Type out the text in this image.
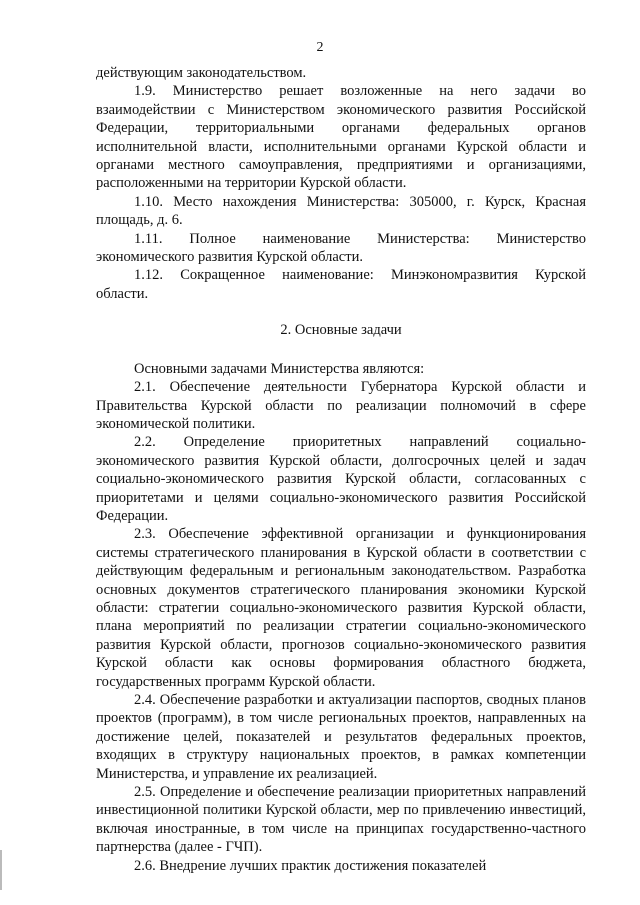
2

действующим законодательством.

1.9. Министерство решает возложенные на него задачи во взаимодействии с Министерством экономического развития Российской Федерации, территориальными органами федеральных органов исполнительной власти, исполнительными органами Курской области и органами местного самоуправления, предприятиями и организациями, расположенными на территории Курской области.

1.10. Место нахождения Министерства: 305000, г. Курск, Красная площадь, д. 6.

1.11. Полное наименование Министерства: Министерство экономического развития Курской области.

1.12. Сокращенное наименование: Минэкономразвития Курской области.

2. Основные задачи

Основными задачами Министерства являются:

2.1. Обеспечение деятельности Губернатора Курской области и Правительства Курской области по реализации полномочий в сфере экономической политики.

2.2. Определение приоритетных направлений социально-экономического развития Курской области, долгосрочных целей и задач социально-экономического развития Курской области, согласованных с приоритетами и целями социально-экономического развития Российской Федерации.

2.3. Обеспечение эффективной организации и функционирования системы стратегического планирования в Курской области в соответствии с действующим федеральным и региональным законодательством. Разработка основных документов стратегического планирования экономики Курской области: стратегии социально-экономического развития Курской области, плана мероприятий по реализации стратегии социально-экономического развития Курской области, прогнозов социально-экономического развития Курской области как основы формирования областного бюджета, государственных программ Курской области.

2.4. Обеспечение разработки и актуализации паспортов, сводных планов проектов (программ), в том числе региональных проектов, направленных на достижение целей, показателей и результатов федеральных проектов, входящих в структуру национальных проектов, в рамках компетенции Министерства, и управление их реализацией.

2.5. Определение и обеспечение реализации приоритетных направлений инвестиционной политики Курской области, мер по привлечению инвестиций, включая иностранные, в том числе на принципах государственно-частного партнерства (далее - ГЧП).

2.6. Внедрение лучших практик достижения показателей
